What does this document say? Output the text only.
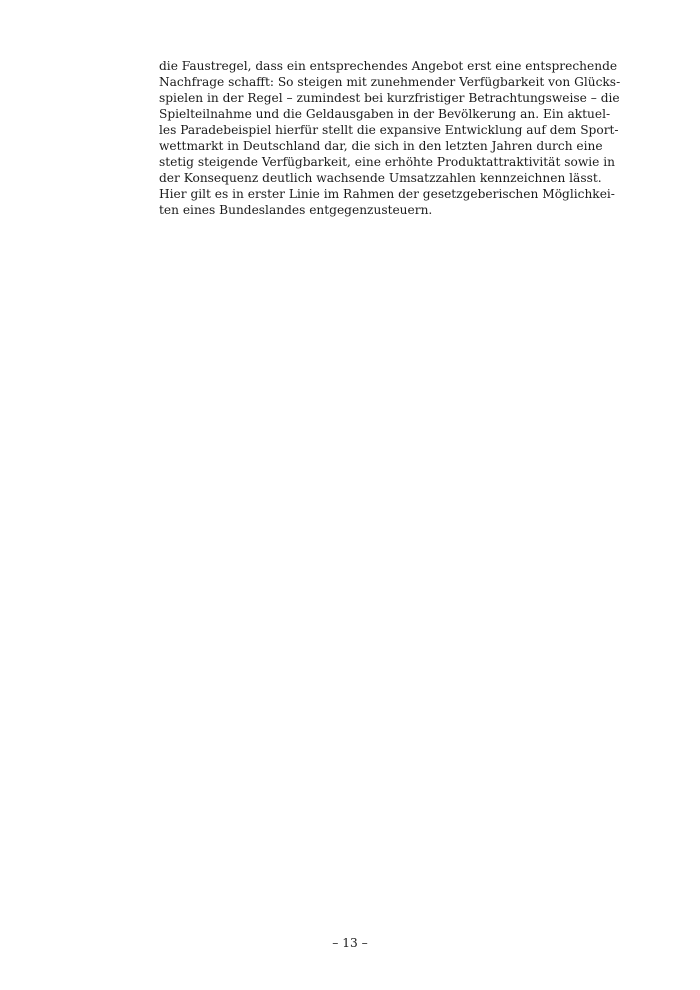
die Faustregel, dass ein entsprechendes Angebot erst eine entsprechende
Nachfrage schafft: So steigen mit zunehmender Verfügbarkeit von Glücks-
spielen in der Regel – zumindest bei kurzfristiger Betrachtungsweise – die
Spielteilnahme und die Geldausgaben in der Bevölkerung an. Ein aktuel-
les Paradebeispiel hierfür stellt die expansive Entwicklung auf dem Sport-
wettmarkt in Deutschland dar, die sich in den letzten Jahren durch eine
stetig steigende Verfügbarkeit, eine erhöhte Produktattraktivität sowie in
der Konsequenz deutlich wachsende Umsatzzahlen kennzeichnen lässt.
Hier gilt es in erster Linie im Rahmen der gesetzgeberischen Möglichkei-
ten eines Bundeslandes entgegenzusteuern.
– 13 –
